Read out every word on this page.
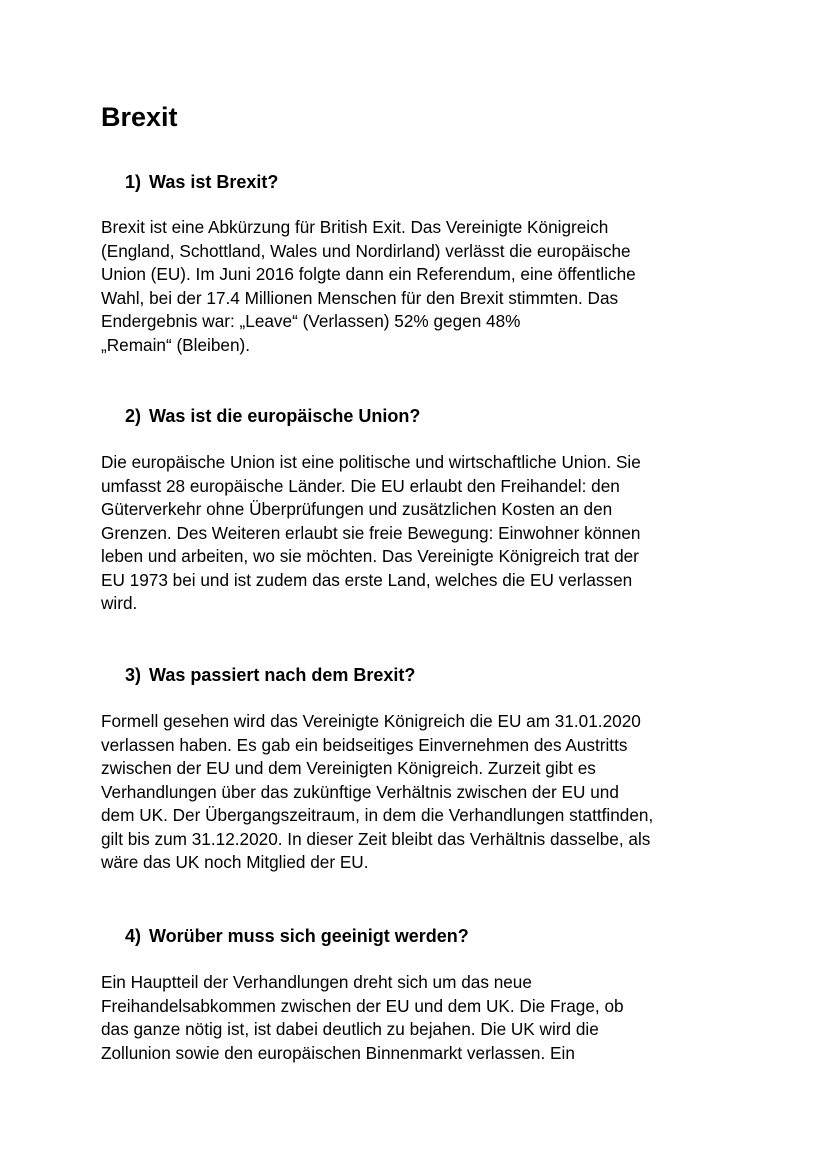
Brexit
1) Was ist Brexit?

Brexit ist eine Abkürzung für British Exit. Das Vereinigte Königreich
(England, Schottland, Wales und Nordirland) verlässt die europäische
Union (EU). Im Juni 2016 folgte dann ein Referendum, eine öffentliche
Wahl, bei der 17.4 Millionen Menschen für den Brexit stimmten. Das
Endergebnis war: „Leave“ (Verlassen) 52% gegen 48%
„Remain“ (Bleiben).

2) Was ist die europäische Union?

Die europäische Union ist eine politische und wirtschaftliche Union. Sie
umfasst 28 europäische Länder. Die EU erlaubt den Freihandel: den
Güterverkehr ohne Überprüfungen und zusätzlichen Kosten an den
Grenzen. Des Weiteren erlaubt sie freie Bewegung: Einwohner können
leben und arbeiten, wo sie möchten. Das Vereinigte Königreich trat der
EU 1973 bei und ist zudem das erste Land, welches die EU verlassen
wird.

3) Was passiert nach dem Brexit?

Formell gesehen wird das Vereinigte Königreich die EU am 31.01.2020
verlassen haben. Es gab ein beidseitiges Einvernehmen des Austritts
zwischen der EU und dem Vereinigten Königreich. Zurzeit gibt es
Verhandlungen über das zukünftige Verhältnis zwischen der EU und
dem UK. Der Übergangszeitraum, in dem die Verhandlungen stattfinden,
gilt bis zum 31.12.2020. In dieser Zeit bleibt das Verhältnis dasselbe, als
wäre das UK noch Mitglied der EU.

4) Worüber muss sich geeinigt werden?

Ein Hauptteil der Verhandlungen dreht sich um das neue
Freihandelsabkommen zwischen der EU und dem UK. Die Frage, ob
das ganze nötig ist, ist dabei deutlich zu bejahen. Die UK wird die
Zollunion sowie den europäischen Binnenmarkt verlassen. Ein
